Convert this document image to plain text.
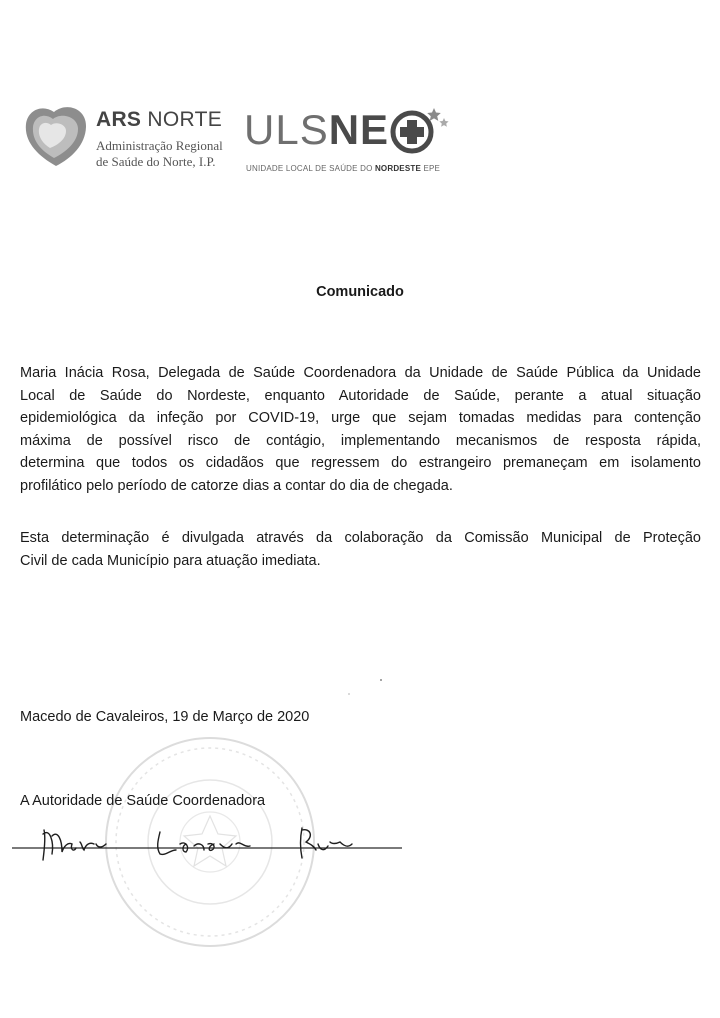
ARS NORTE
Administração Regional
de Saúde do Norte, I.P.
ULSNE
UNIDADE LOCAL DE SAÚDE DO NORDESTE EPE
Comunicado
Maria Inácia Rosa, Delegada de Saúde Coordenadora da Unidade de Saúde Pública da Unidade
Local de Saúde do Nordeste, enquanto Autoridade de Saúde, perante a atual situação
epidemiológica da infeção por COVID-19, urge que sejam tomadas medidas para contenção
máxima de possível risco de contágio, implementando mecanismos de resposta rápida,
determina que todos os cidadãos que regressem do estrangeiro premaneçam em isolamento
profilático pelo período de catorze dias a contar do dia de chegada.
Esta determinação é divulgada através da colaboração da Comissão Municipal de Proteção
Civil de cada Município para atuação imediata.
Macedo de Cavaleiros, 19 de Março de 2020
A Autoridade de Saúde Coordenadora
